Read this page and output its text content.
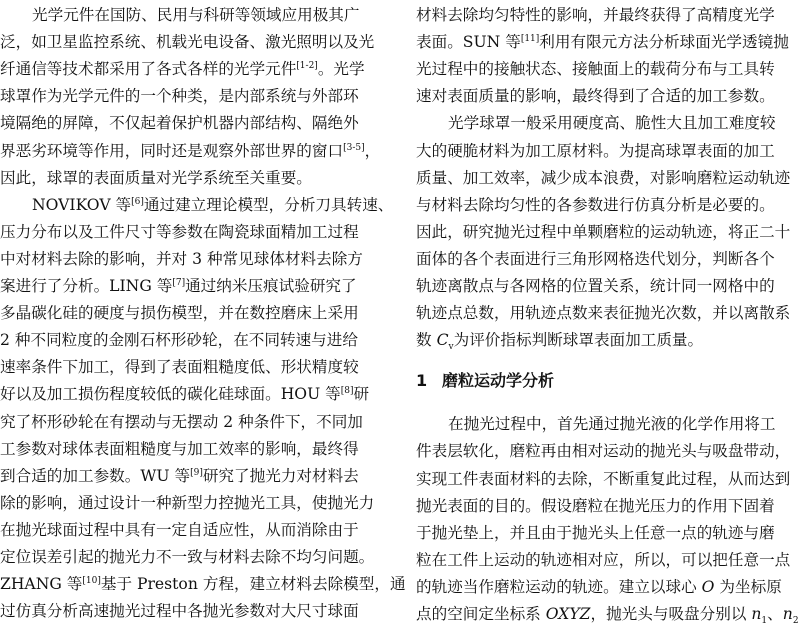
光学元件在国防、民用与科研等领域应用极其广
泛，如卫星监控系统、机载光电设备、激光照明以及光
纤通信等技术都采用了各式各样的光学元件[1-2]。光学
球罩作为光学元件的一个种类，是内部系统与外部环
境隔绝的屏障，不仅起着保护机器内部结构、隔绝外
界恶劣环境等作用，同时还是观察外部世界的窗口[3-5]，
因此，球罩的表面质量对光学系统至关重要。
NOVIKOV 等[6]通过建立理论模型，分析刀具转速、
压力分布以及工件尺寸等参数在陶瓷球面精加工过程
中对材料去除的影响，并对 3 种常见球体材料去除方
案进行了分析。LING 等[7]通过纳米压痕试验研究了
多晶碳化硅的硬度与损伤模型，并在数控磨床上采用
2 种不同粒度的金刚石杯形砂轮，在不同转速与进给
速率条件下加工，得到了表面粗糙度低、形状精度较
好以及加工损伤程度较低的碳化硅球面。HOU 等[8]研
究了杯形砂轮在有摆动与无摆动 2 种条件下，不同加
工参数对球体表面粗糙度与加工效率的影响，最终得
到合适的加工参数。WU 等[9]研究了抛光力对材料去
除的影响，通过设计一种新型力控抛光工具，使抛光力
在抛光球面过程中具有一定自适应性，从而消除由于
定位误差引起的抛光力不一致与材料去除不均匀问题。
ZHANG 等[10]基于 Preston 方程，建立材料去除模型，通
过仿真分析高速抛光过程中各抛光参数对大尺寸球面
材料去除均匀特性的影响，并最终获得了高精度光学
表面。SUN 等[11]利用有限元方法分析球面光学透镜抛
光过程中的接触状态、接触面上的载荷分布与工具转
速对表面质量的影响，最终得到了合适的加工参数。
光学球罩一般采用硬度高、脆性大且加工难度较
大的硬脆材料为加工原材料。为提高球罩表面的加工
质量、加工效率，减少成本浪费，对影响磨粒运动轨迹
与材料去除均匀性的各参数进行仿真分析是必要的。
因此，研究抛光过程中单颗磨粒的运动轨迹，将正二十
面体的各个表面进行三角形网格迭代划分，判断各个
轨迹离散点与各网格的位置关系，统计同一网格中的
轨迹点总数，用轨迹点数来表征抛光次数，并以离散系
数 $C_v$为评价指标判断球罩表面加工质量。
1 磨粒运动学分析
在抛光过程中，首先通过抛光液的化学作用将工
件表层软化，磨粒再由相对运动的抛光头与吸盘带动，
实现工件表面材料的去除，不断重复此过程，从而达到
抛光表面的目的。假设磨粒在抛光压力的作用下固着
于抛光垫上，并且由于抛光头上任意一点的轨迹与磨
粒在工件上运动的轨迹相对应，所以，可以把任意一点
的轨迹当作磨粒运动的轨迹。建立以球心 O 为坐标原
点的空间定坐标系 OXYZ，抛光头与吸盘分别以 $n_1$、$n_2$
